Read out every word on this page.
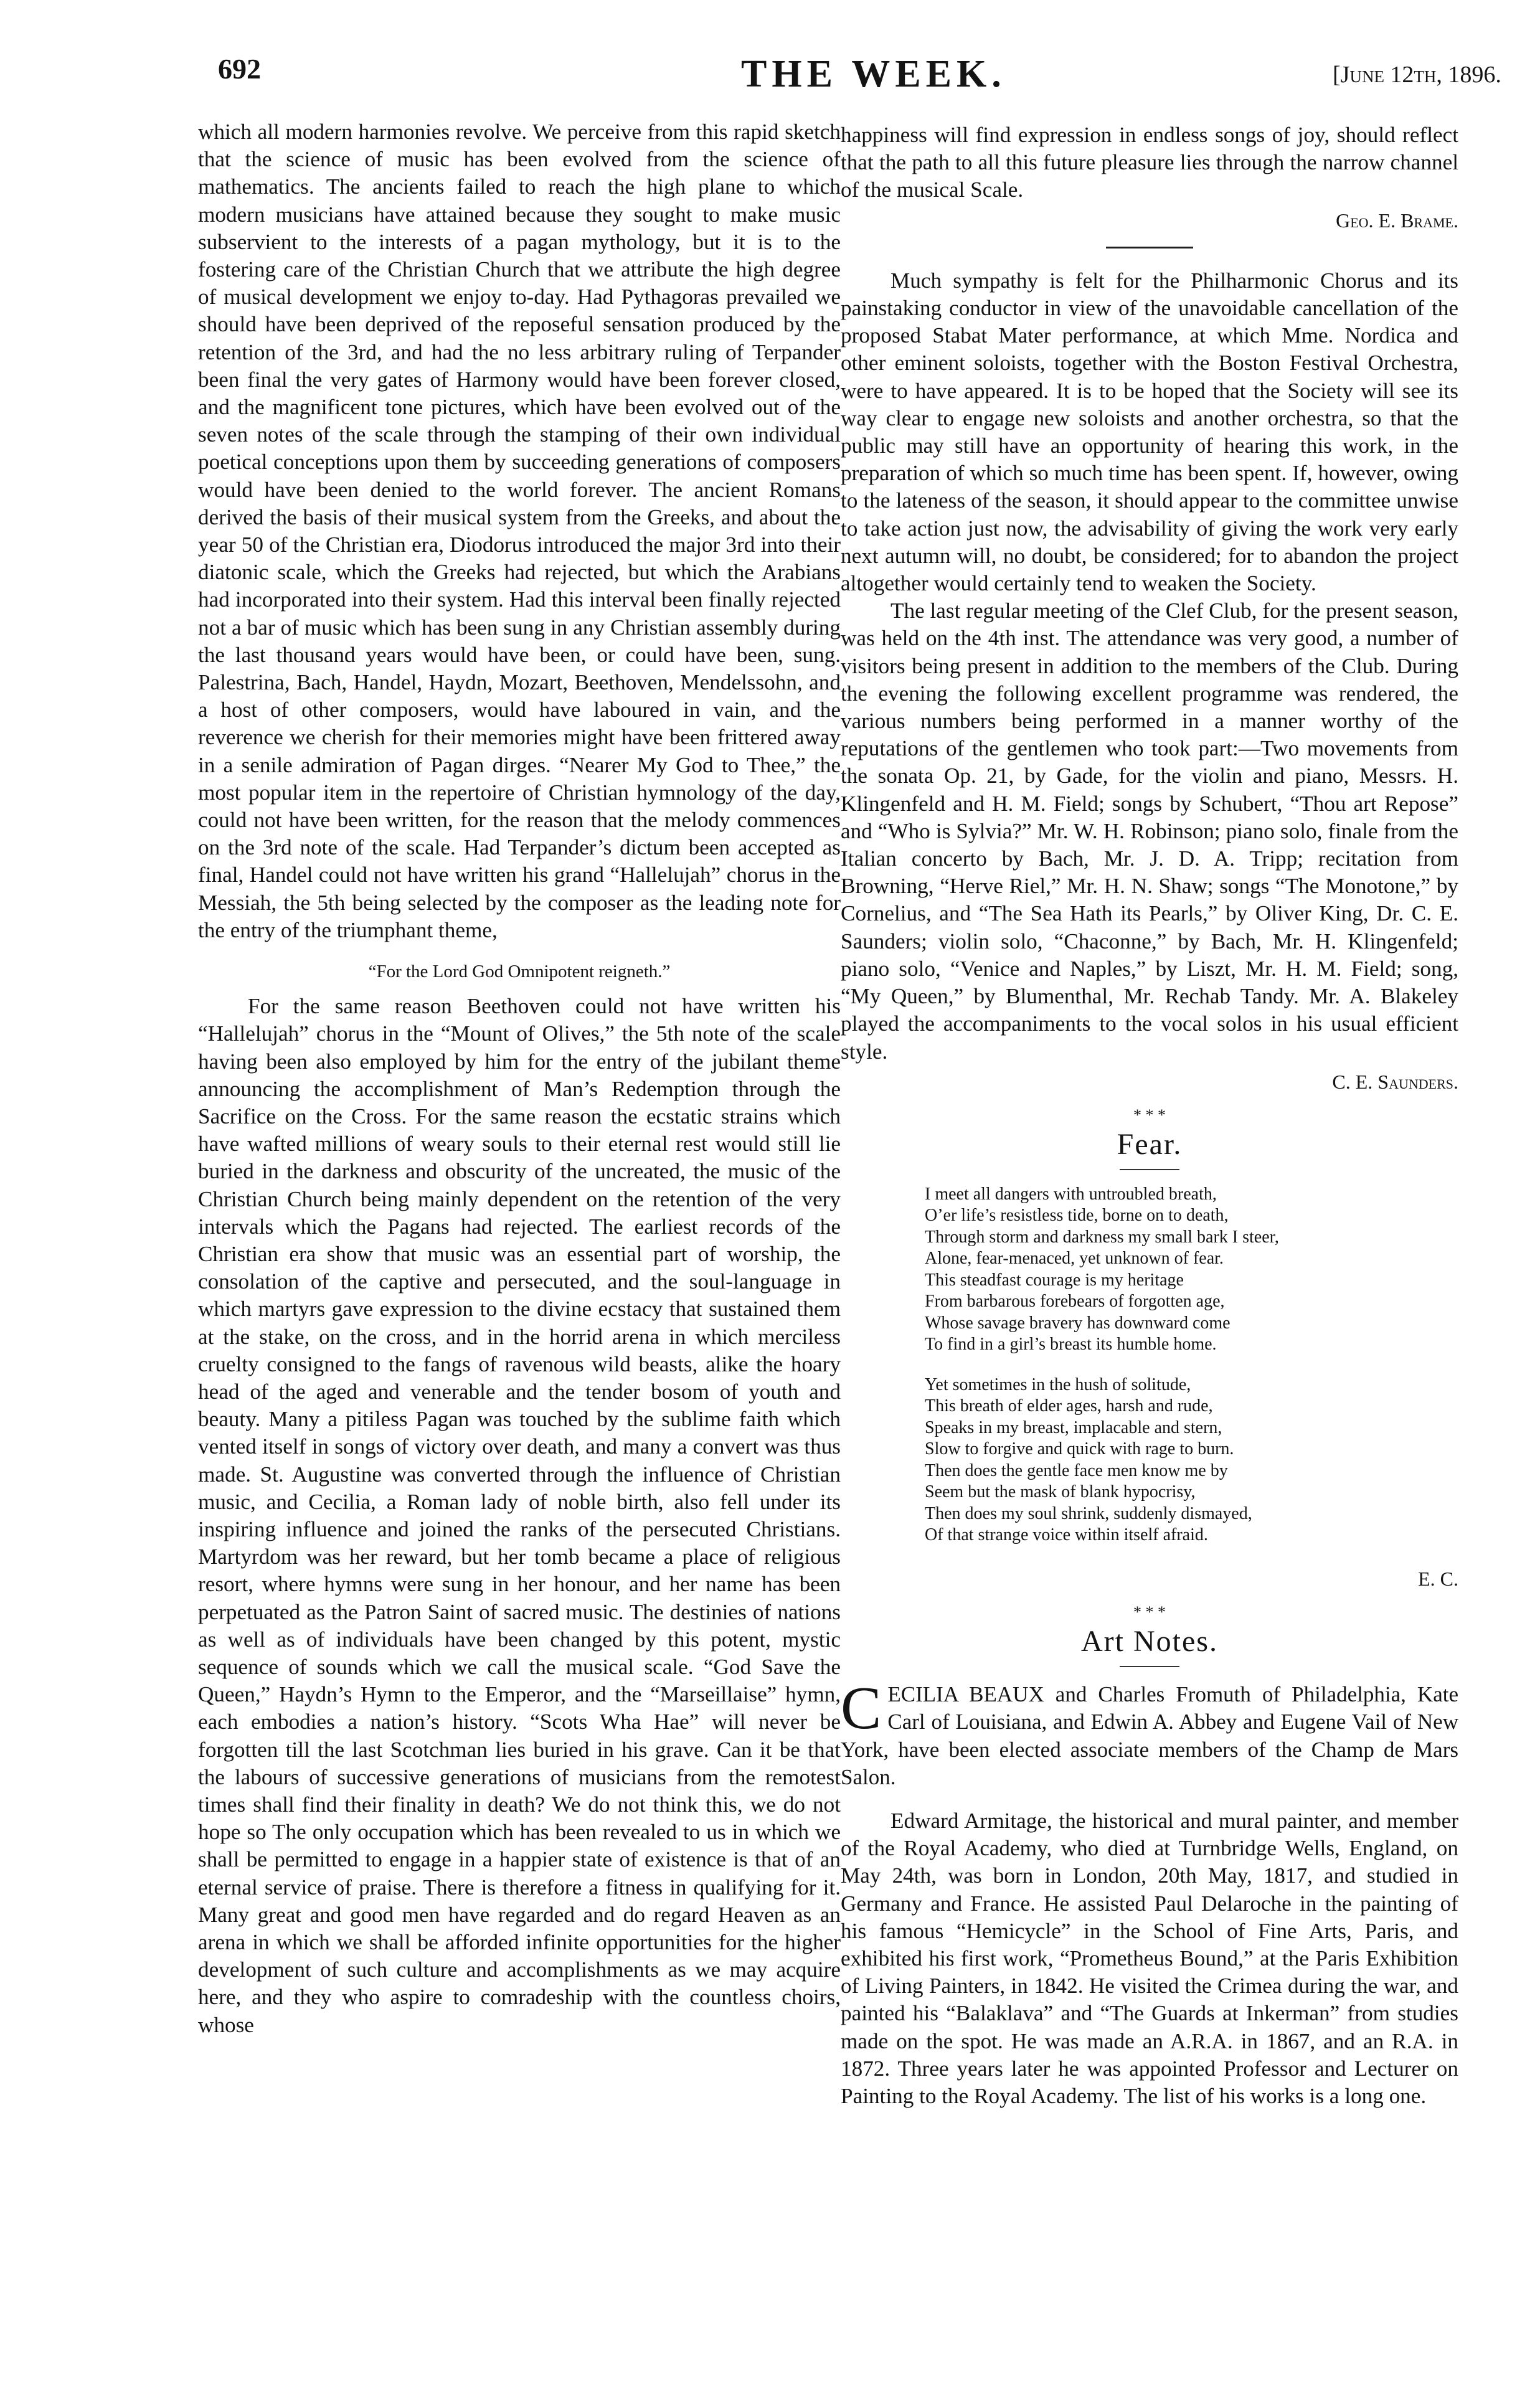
692	THE WEEK.	[June 12th, 1896.

which all modern harmonies revolve. We perceive from this rapid sketch that the science of music has been evolved from the science of mathematics. The ancients failed to reach the high plane to which modern musicians have attained because they sought to make music subservient to the interests of a pagan mythology, but it is to the fostering care of the Christian Church that we attribute the high degree of musical development we enjoy to-day. Had Pythagoras prevailed we should have been deprived of the reposeful sensation produced by the retention of the 3rd, and had the no less arbitrary ruling of Terpander been final the very gates of Harmony would have been forever closed, and the magnificent tone pictures, which have been evolved out of the seven notes of the scale through the stamping of their own individual poetical conceptions upon them by succeeding generations of composers would have been denied to the world forever. The ancient Romans derived the basis of their musical system from the Greeks, and about the year 50 of the Christian era, Diodorus introduced the major 3rd into their diatonic scale, which the Greeks had rejected, but which the Arabians had incorporated into their system. Had this interval been finally rejected not a bar of music which has been sung in any Christian assembly during the last thousand years would have been, or could have been, sung. Palestrina, Bach, Handel, Haydn, Mozart, Beethoven, Mendelssohn, and a host of other composers, would have laboured in vain, and the reverence we cherish for their memories might have been frittered away in a senile admiration of Pagan dirges. “Nearer My God to Thee,” the most popular item in the repertoire of Christian hymnology of the day, could not have been written, for the reason that the melody commences on the 3rd note of the scale. Had Terpander’s dictum been accepted as final, Handel could not have written his grand “Hallelujah” chorus in the Messiah, the 5th being selected by the composer as the leading note for the entry of the triumphant theme,

“For the Lord God Omnipotent reigneth.”

For the same reason Beethoven could not have written his “Hallelujah” chorus in the “Mount of Olives,” the 5th note of the scale having been also employed by him for the entry of the jubilant theme announcing the accomplishment of Man’s Redemption through the Sacrifice on the Cross. For the same reason the ecstatic strains which have wafted millions of weary souls to their eternal rest would still lie buried in the darkness and obscurity of the uncreated, the music of the Christian Church being mainly dependent on the retention of the very intervals which the Pagans had rejected. The earliest records of the Christian era show that music was an essential part of worship, the consolation of the captive and persecuted, and the soul-language in which martyrs gave expression to the divine ecstacy that sustained them at the stake, on the cross, and in the horrid arena in which merciless cruelty consigned to the fangs of ravenous wild beasts, alike the hoary head of the aged and venerable and the tender bosom of youth and beauty. Many a pitiless Pagan was touched by the sublime faith which vented itself in songs of victory over death, and many a convert was thus made. St. Augustine was converted through the influence of Christian music, and Cecilia, a Roman lady of noble birth, also fell under its inspiring influence and joined the ranks of the persecuted Christians. Martyrdom was her reward, but her tomb became a place of religious resort, where hymns were sung in her honour, and her name has been perpetuated as the Patron Saint of sacred music. The destinies of nations as well as of individuals have been changed by this potent, mystic sequence of sounds which we call the musical scale. “God Save the Queen,” Haydn’s Hymn to the Emperor, and the “Marseillaise” hymn, each embodies a nation’s history. “Scots Wha Hae” will never be forgotten till the last Scotchman lies buried in his grave. Can it be that the labours of successive generations of musicians from the remotest times shall find their finality in death? We do not think this, we do not hope so The only occupation which has been revealed to us in which we shall be permitted to engage in a happier state of existence is that of an eternal service of praise. There is therefore a fitness in qualifying for it. Many great and good men have regarded and do regard Heaven as an arena in which we shall be afforded infinite opportunities for the higher development of such culture and accomplishments as we may acquire here, and they who aspire to comradeship with the countless choirs, whose

happiness will find expression in endless songs of joy, should reflect that the path to all this future pleasure lies through the narrow channel of the musical Scale.

Geo. E. Brame.

Much sympathy is felt for the Philharmonic Chorus and its painstaking conductor in view of the unavoidable cancellation of the proposed Stabat Mater performance, at which Mme. Nordica and other eminent soloists, together with the Boston Festival Orchestra, were to have appeared. It is to be hoped that the Society will see its way clear to engage new soloists and another orchestra, so that the public may still have an opportunity of hearing this work, in the preparation of which so much time has been spent. If, however, owing to the lateness of the season, it should appear to the committee unwise to take action just now, the advisability of giving the work very early next autumn will, no doubt, be considered; for to abandon the project altogether would certainly tend to weaken the Society.

The last regular meeting of the Clef Club, for the present season, was held on the 4th inst. The attendance was very good, a number of visitors being present in addition to the members of the Club. During the evening the following excellent programme was rendered, the various numbers being performed in a manner worthy of the reputations of the gentlemen who took part:—Two movements from the sonata Op. 21, by Gade, for the violin and piano, Messrs. H. Klingenfeld and H. M. Field; songs by Schubert, “Thou art Repose” and “Who is Sylvia?” Mr. W. H. Robinson; piano solo, finale from the Italian concerto by Bach, Mr. J. D. A. Tripp; recitation from Browning, “Herve Riel,” Mr. H. N. Shaw; songs “The Monotone,” by Cornelius, and “The Sea Hath its Pearls,” by Oliver King, Dr. C. E. Saunders; violin solo, “Chaconne,” by Bach, Mr. H. Klingenfeld; piano solo, “Venice and Naples,” by Liszt, Mr. H. M. Field; song, “My Queen,” by Blumenthal, Mr. Rechab Tandy. Mr. A. Blakeley played the accompaniments to the vocal solos in his usual efficient style.

C. E. Saunders.
* * *
Fear.
I meet all dangers with untroubled breath,
O’er life’s resistless tide, borne on to death,
Through storm and darkness my small bark I steer,
Alone, fear-menaced, yet unknown of fear.
This steadfast courage is my heritage
From barbarous forebears of forgotten age,
Whose savage bravery has downward come
To find in a girl’s breast its humble home.
Yet sometimes in the hush of solitude,
This breath of elder ages, harsh and rude,
Speaks in my breast, implacable and stern,
Slow to forgive and quick with rage to burn.
Then does the gentle face men know me by
Seem but the mask of blank hypocrisy,
Then does my soul shrink, suddenly dismayed,
Of that strange voice within itself afraid.
E. C.
* * *
Art Notes.

CECILIA BEAUX and Charles Fromuth of Philadelphia, Kate Carl of Louisiana, and Edwin A. Abbey and Eugene Vail of New York, have been elected associate members of the Champ de Mars Salon.

Edward Armitage, the historical and mural painter, and member of the Royal Academy, who died at Turnbridge Wells, England, on May 24th, was born in London, 20th May, 1817, and studied in Germany and France. He assisted Paul Delaroche in the painting of his famous “Hemicycle” in the School of Fine Arts, Paris, and exhibited his first work, “Prometheus Bound,” at the Paris Exhibition of Living Painters, in 1842. He visited the Crimea during the war, and painted his “Balaklava” and “The Guards at Inkerman” from studies made on the spot. He was made an A.R.A. in 1867, and an R.A. in 1872. Three years later he was appointed Professor and Lecturer on Painting to the Royal Academy. The list of his works is a long one.
